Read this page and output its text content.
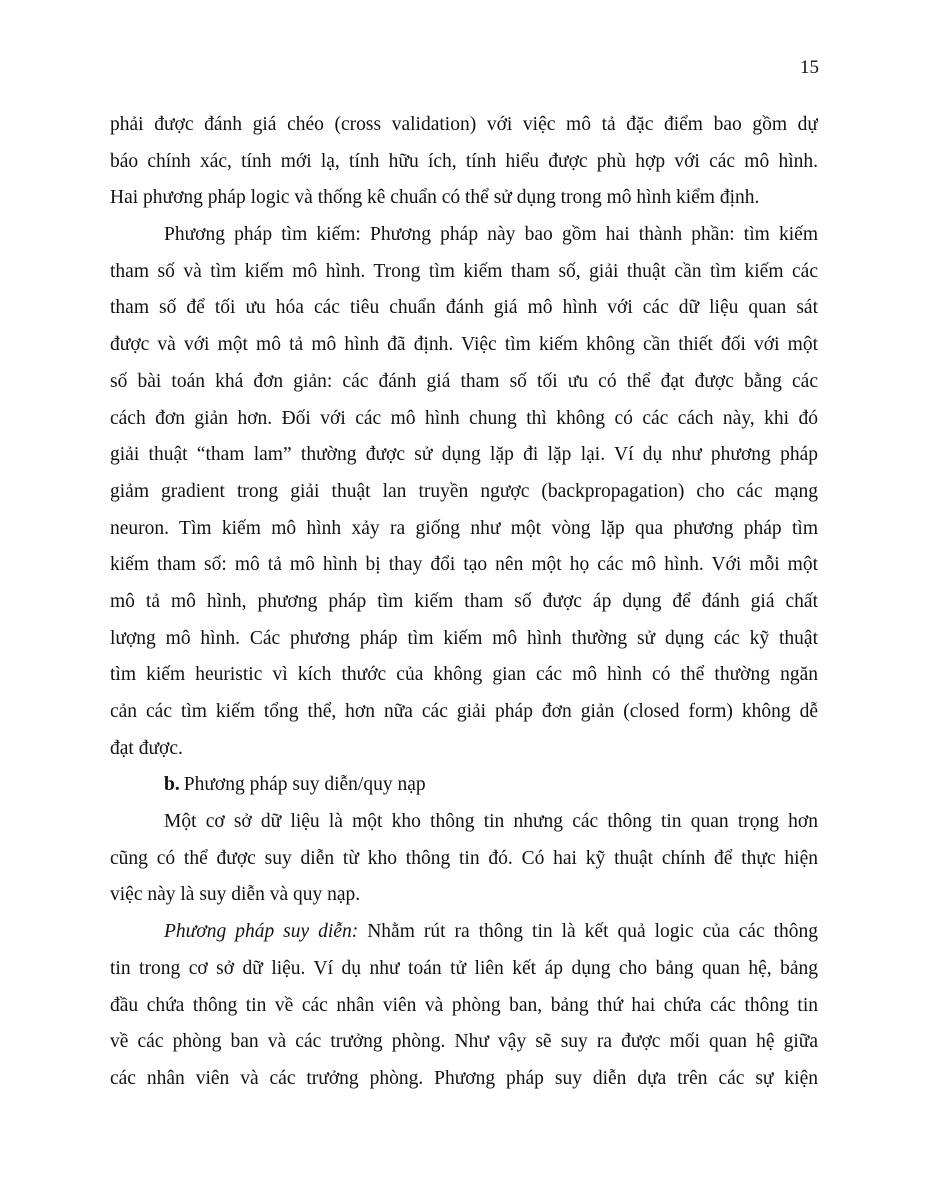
15
phải được đánh giá chéo (cross validation) với việc mô tả đặc điểm bao gồm dự
báo chính xác, tính mới lạ, tính hữu ích, tính hiểu được phù hợp với các mô hình.
Hai phương pháp logic và thống kê chuẩn có thể sử dụng trong mô hình kiểm định.
Phương pháp tìm kiếm: Phương pháp này bao gồm hai thành phần: tìm kiếm
tham số và tìm kiếm mô hình. Trong tìm kiếm tham số, giải thuật cần tìm kiếm các
tham số để tối ưu hóa các tiêu chuẩn đánh giá mô hình với các dữ liệu quan sát
được và với một mô tả mô hình đã định. Việc tìm kiếm không cần thiết đối với một
số bài toán khá đơn giản: các đánh giá tham số tối ưu có thể đạt được bằng các
cách đơn giản hơn. Đối với các mô hình chung thì không có các cách này, khi đó
giải thuật “tham lam” thường được sử dụng lặp đi lặp lại. Ví dụ như phương pháp
giảm gradient trong giải thuật lan truyền ngược (backpropagation) cho các mạng
neuron. Tìm kiếm mô hình xảy ra giống như một vòng lặp qua phương pháp tìm
kiếm tham số: mô tả mô hình bị thay đổi tạo nên một họ các mô hình. Với mỗi một
mô tả mô hình, phương pháp tìm kiếm tham số được áp dụng để đánh giá chất
lượng mô hình. Các phương pháp tìm kiếm mô hình thường sử dụng các kỹ thuật
tìm kiếm heuristic vì kích thước của không gian các mô hình có thể thường ngăn
cản các tìm kiếm tổng thể, hơn nữa các giải pháp đơn giản (closed form) không dễ
đạt được.
b. Phương pháp suy diễn/quy nạp
Một cơ sở dữ liệu là một kho thông tin nhưng các thông tin quan trọng hơn
cũng có thể được suy diễn từ kho thông tin đó. Có hai kỹ thuật chính để thực hiện
việc này là suy diễn và quy nạp.
Phương pháp suy diễn: Nhằm rút ra thông tin là kết quả logic của các thông
tin trong cơ sở dữ liệu. Ví dụ như toán tử liên kết áp dụng cho bảng quan hệ, bảng
đầu chứa thông tin về các nhân viên và phòng ban, bảng thứ hai chứa các thông tin
về các phòng ban và các trưởng phòng. Như vậy sẽ suy ra được mối quan hệ giữa
các nhân viên và các trưởng phòng. Phương pháp suy diễn dựa trên các sự kiện
